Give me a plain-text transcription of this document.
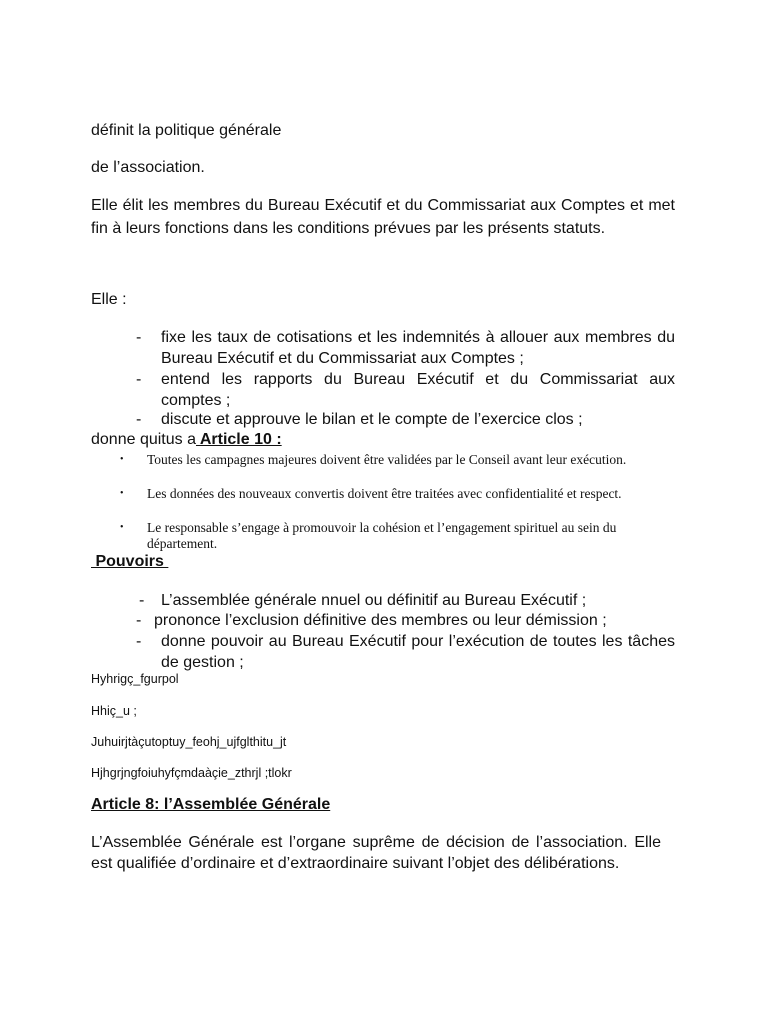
définit la politique générale
de l’association.
Elle élit les membres du Bureau Exécutif et du Commissariat aux Comptes et met fin à leurs fonctions dans les conditions prévues par les présents statuts.
Elle :
- fixe les taux de cotisations et les indemnités à allouer aux membres du Bureau Exécutif et du Commissariat aux Comptes ;
- entend les rapports du Bureau Exécutif et du Commissariat aux comptes ;
- discute et approuve le bilan et le compte de l’exercice clos ;
donne quitus a Article 10 :
• Toutes les campagnes majeures doivent être validées par le Conseil avant leur exécution.
• Les données des nouveaux convertis doivent être traitées avec confidentialité et respect.
• Le responsable s’engage à promouvoir la cohésion et l’engagement spirituel au sein du département.
Pouvoirs
- L’assemblée générale nnuel ou définitif au Bureau Exécutif ;
- prononce l’exclusion définitive des membres ou leur démission ;
- donne pouvoir au Bureau Exécutif pour l’exécution de toutes les tâches de gestion ;
Hyhrigç_fgurpol
Hhiç_u ;
Juhuirjtàçutoptuy_feohj_ujfglthitu_jt
Hjhgrjngfoiuhyfçmdaàçie_zthrjl ;tlokr
Article 8: l’Assemblée Générale
L’Assemblée Générale est l’organe suprême de décision de l’association. Elle est qualifiée d’ordinaire et d’extraordinaire suivant l’objet des délibérations.
